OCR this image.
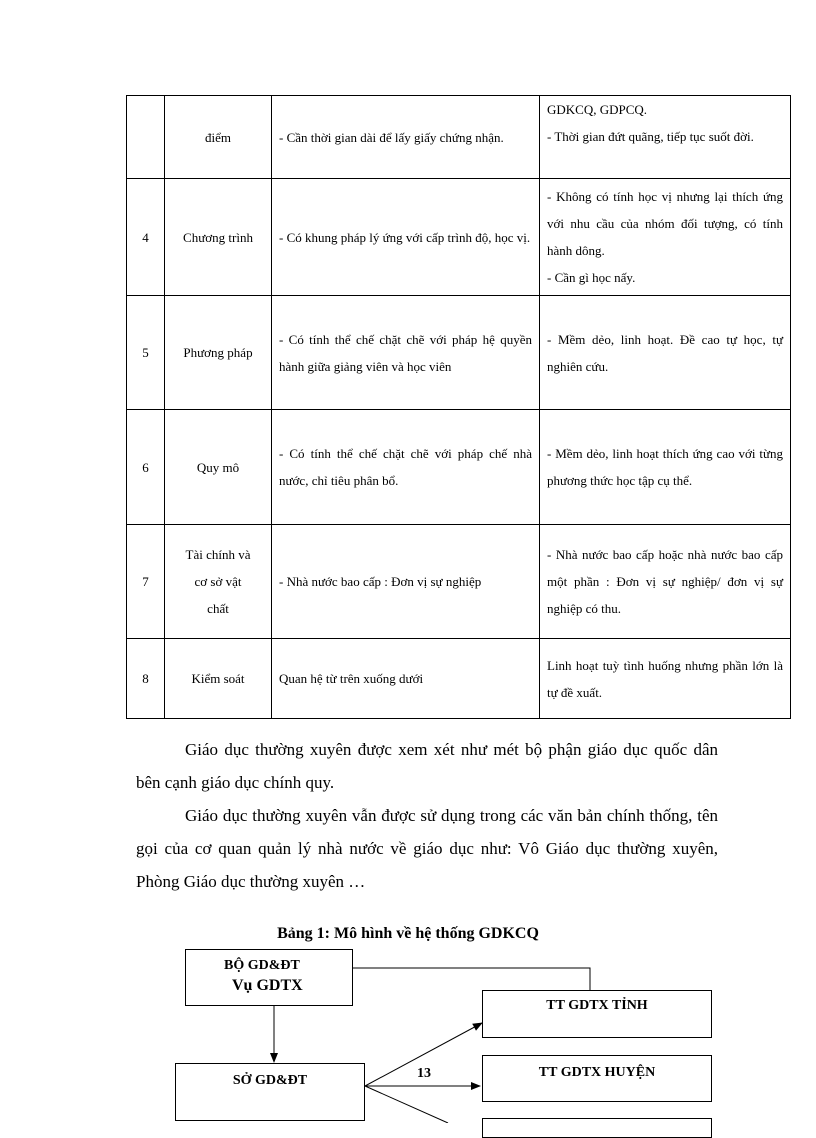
	điểm	- Cần thời gian dài để lấy giấy chứng nhận.	GDKCQ, GDPCQ.
- Thời gian đứt quãng, tiếp tục suốt đời.

4	Chương trình	- Có khung pháp lý ứng với cấp trình độ, học vị.	- Không có tính học vị nhưng lại thích ứng với nhu cầu của nhóm đối tượng, có tính hành dông.
- Cần gì học nấy.

5	Phương pháp	- Có tính thể chế chặt chẽ với pháp hệ quyền hành giữa giảng viên và học viên	- Mềm dẻo, linh hoạt. Đề cao tự học, tự nghiên cứu.

6	Quy mô	- Có tính thể chế chặt chẽ với pháp chế nhà nước, chỉ tiêu phân bổ.	- Mềm dẻo, linh hoạt thích ứng cao với từng phương thức học tập cụ thể.

7	Tài chính và
cơ sở vật
chất	- Nhà nước bao cấp : Đơn vị sự nghiệp	- Nhà nước bao cấp hoặc nhà nước bao cấp một phần : Đơn vị sự nghiệp/ đơn vị sự nghiệp có thu.

8	Kiểm soát	Quan hệ từ trên xuống dưới	Linh hoạt tuỳ tình huống nhưng phần lớn là tự đề xuất.

Giáo dục thường xuyên được xem xét như mét bộ phận giáo dục quốc dân bên cạnh giáo dục chính quy.

Giáo dục thường xuyên vẫn được sử dụng trong các văn bản chính thống, tên gọi của cơ quan quản lý nhà nước về giáo dục như: Vô Giáo dục thường xuyên, Phòng Giáo dục thường xuyên …

Bảng 1: Mô hình về hệ thống GDKCQ

13
BỘ GD&ĐT
Vụ GDTX
SỞ GD&ĐT
TT GDTX TỈNH
TT GDTX HUYỆN
